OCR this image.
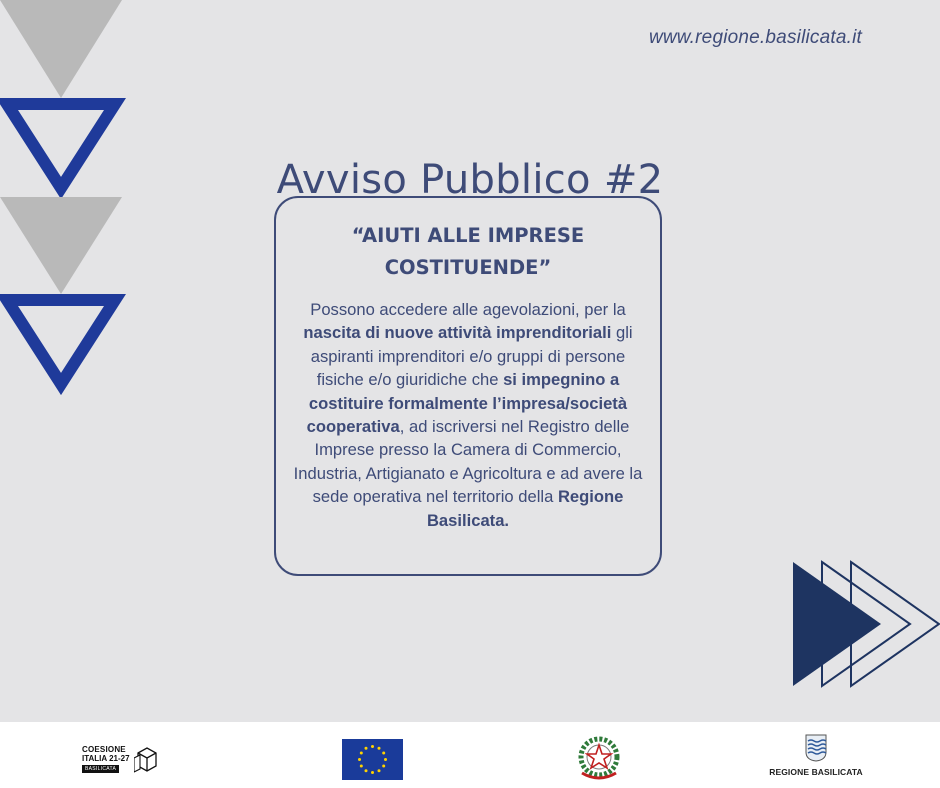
www.regione.basilicata.it
Avviso Pubblico #2

“AIUTI ALLE IMPRESE
COSTITUENDE”

Possono accedere alle agevolazioni, per la nascita di nuove attività imprenditoriali gli aspiranti imprenditori e/o gruppi di persone fisiche e/o giuridiche che si impegnino a costituire formalmente l’impresa/società cooperativa, ad iscriversi nel Registro delle Imprese presso la Camera di Commercio, Industria, Artigianato e Agricoltura e ad avere la sede operativa nel territorio della Regione Basilicata.

COESIONE
ITALIA 21-27
BASILICATA	REGIONE BASILICATA
